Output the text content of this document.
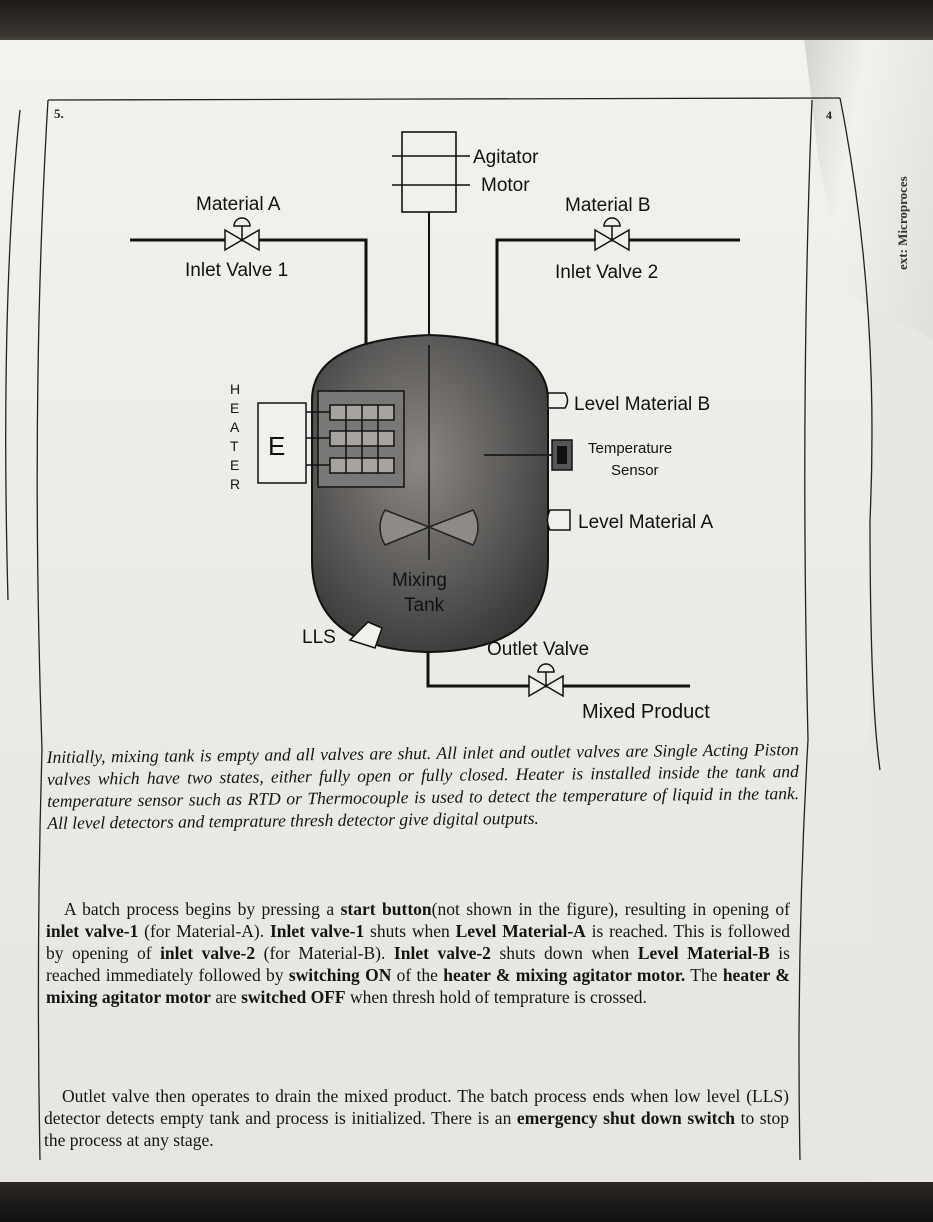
ext: Microproces
5.	4
Agitator
Motor
Material A	Material B
Inlet Valve 1	Inlet Valve 2
E
H
E
A
T
E
R
Level Material B
Temperature
Sensor
Level Material A
Mixing
Tank
LLS
Outlet Valve
Mixed Product

Initially, mixing tank is empty and all valves are shut. All inlet and outlet valves are Single Acting Piston valves which have two states, either fully open or fully closed. Heater is installed inside the tank and temperature sensor such as RTD or Thermocouple is used to detect the temperature of liquid in the tank. All level detectors and temprature thresh detector give digital outputs.

A batch process begins by pressing a start button(not shown in the figure), resulting in opening of inlet valve-1 (for Material-A). Inlet valve-1 shuts when Level Material-A is reached. This is followed by opening of inlet valve-2 (for Material-B). Inlet valve-2 shuts down when Level Material-B is reached immediately followed by switching ON of the heater & mixing agitator motor. The heater & mixing agitator motor are switched OFF when thresh hold of temprature is crossed.

Outlet valve then operates to drain the mixed product. The batch process ends when low level (LLS) detector detects empty tank and process is initialized. There is an emergency shut down switch to stop the process at any stage.
